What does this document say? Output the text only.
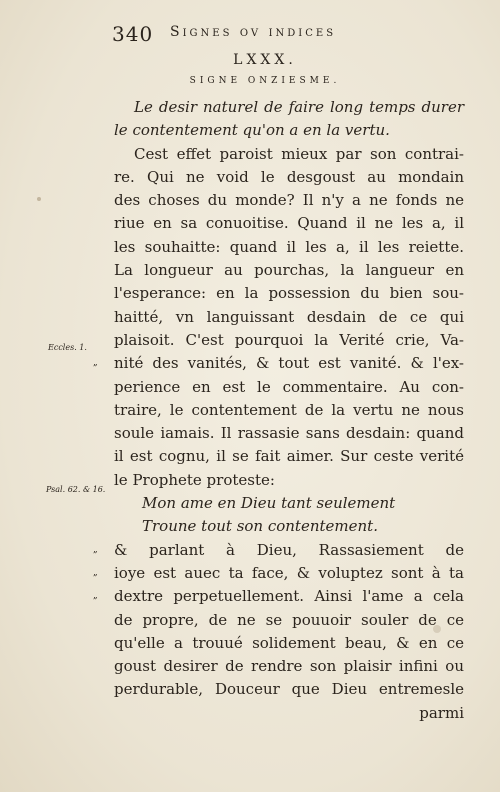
340 Signes ov indices
LXXX.
SIGNE ONZIESME.
Eccles. 1.
Psal. 62. & 16.
Le desir naturel de faire long temps durer
le contentement qu'on a en la vertu.
Cest effet paroist mieux par son contrai-
re. Qui ne void le desgoust au mondain
des choses du monde? Il n'y a ne fonds ne
riue en sa conuoitise. Quand il ne les a, il
les souhaitte: quand il les a, il les reiette.
La longueur au pourchas, la langueur en
l'esperance: en la possession du bien sou-
haitté, vn languissant desdain de ce qui
plaisoit. C'est pourquoi la Verité crie, Va-
„ nité des vanités, & tout est vanité. & l'ex-
perience en est le commentaire. Au con-
traire, le contentement de la vertu ne nous
soule iamais. Il rassasie sans desdain: quand
il est cognu, il se fait aimer. Sur ceste verité
le Prophete proteste:
Mon ame en Dieu tant seulement
Troune tout son contentement.
„ & parlant à Dieu, Rassasiement de
„ ioye est auec ta face, & voluptez sont à ta
„ dextre perpetuellement. Ainsi l'ame a cela
de propre, de ne se pouuoir souler de ce
qu'elle a trouué solidement beau, & en ce
goust desirer de rendre son plaisir infini ou
perdurable, Douceur que Dieu entremesle
parmi
